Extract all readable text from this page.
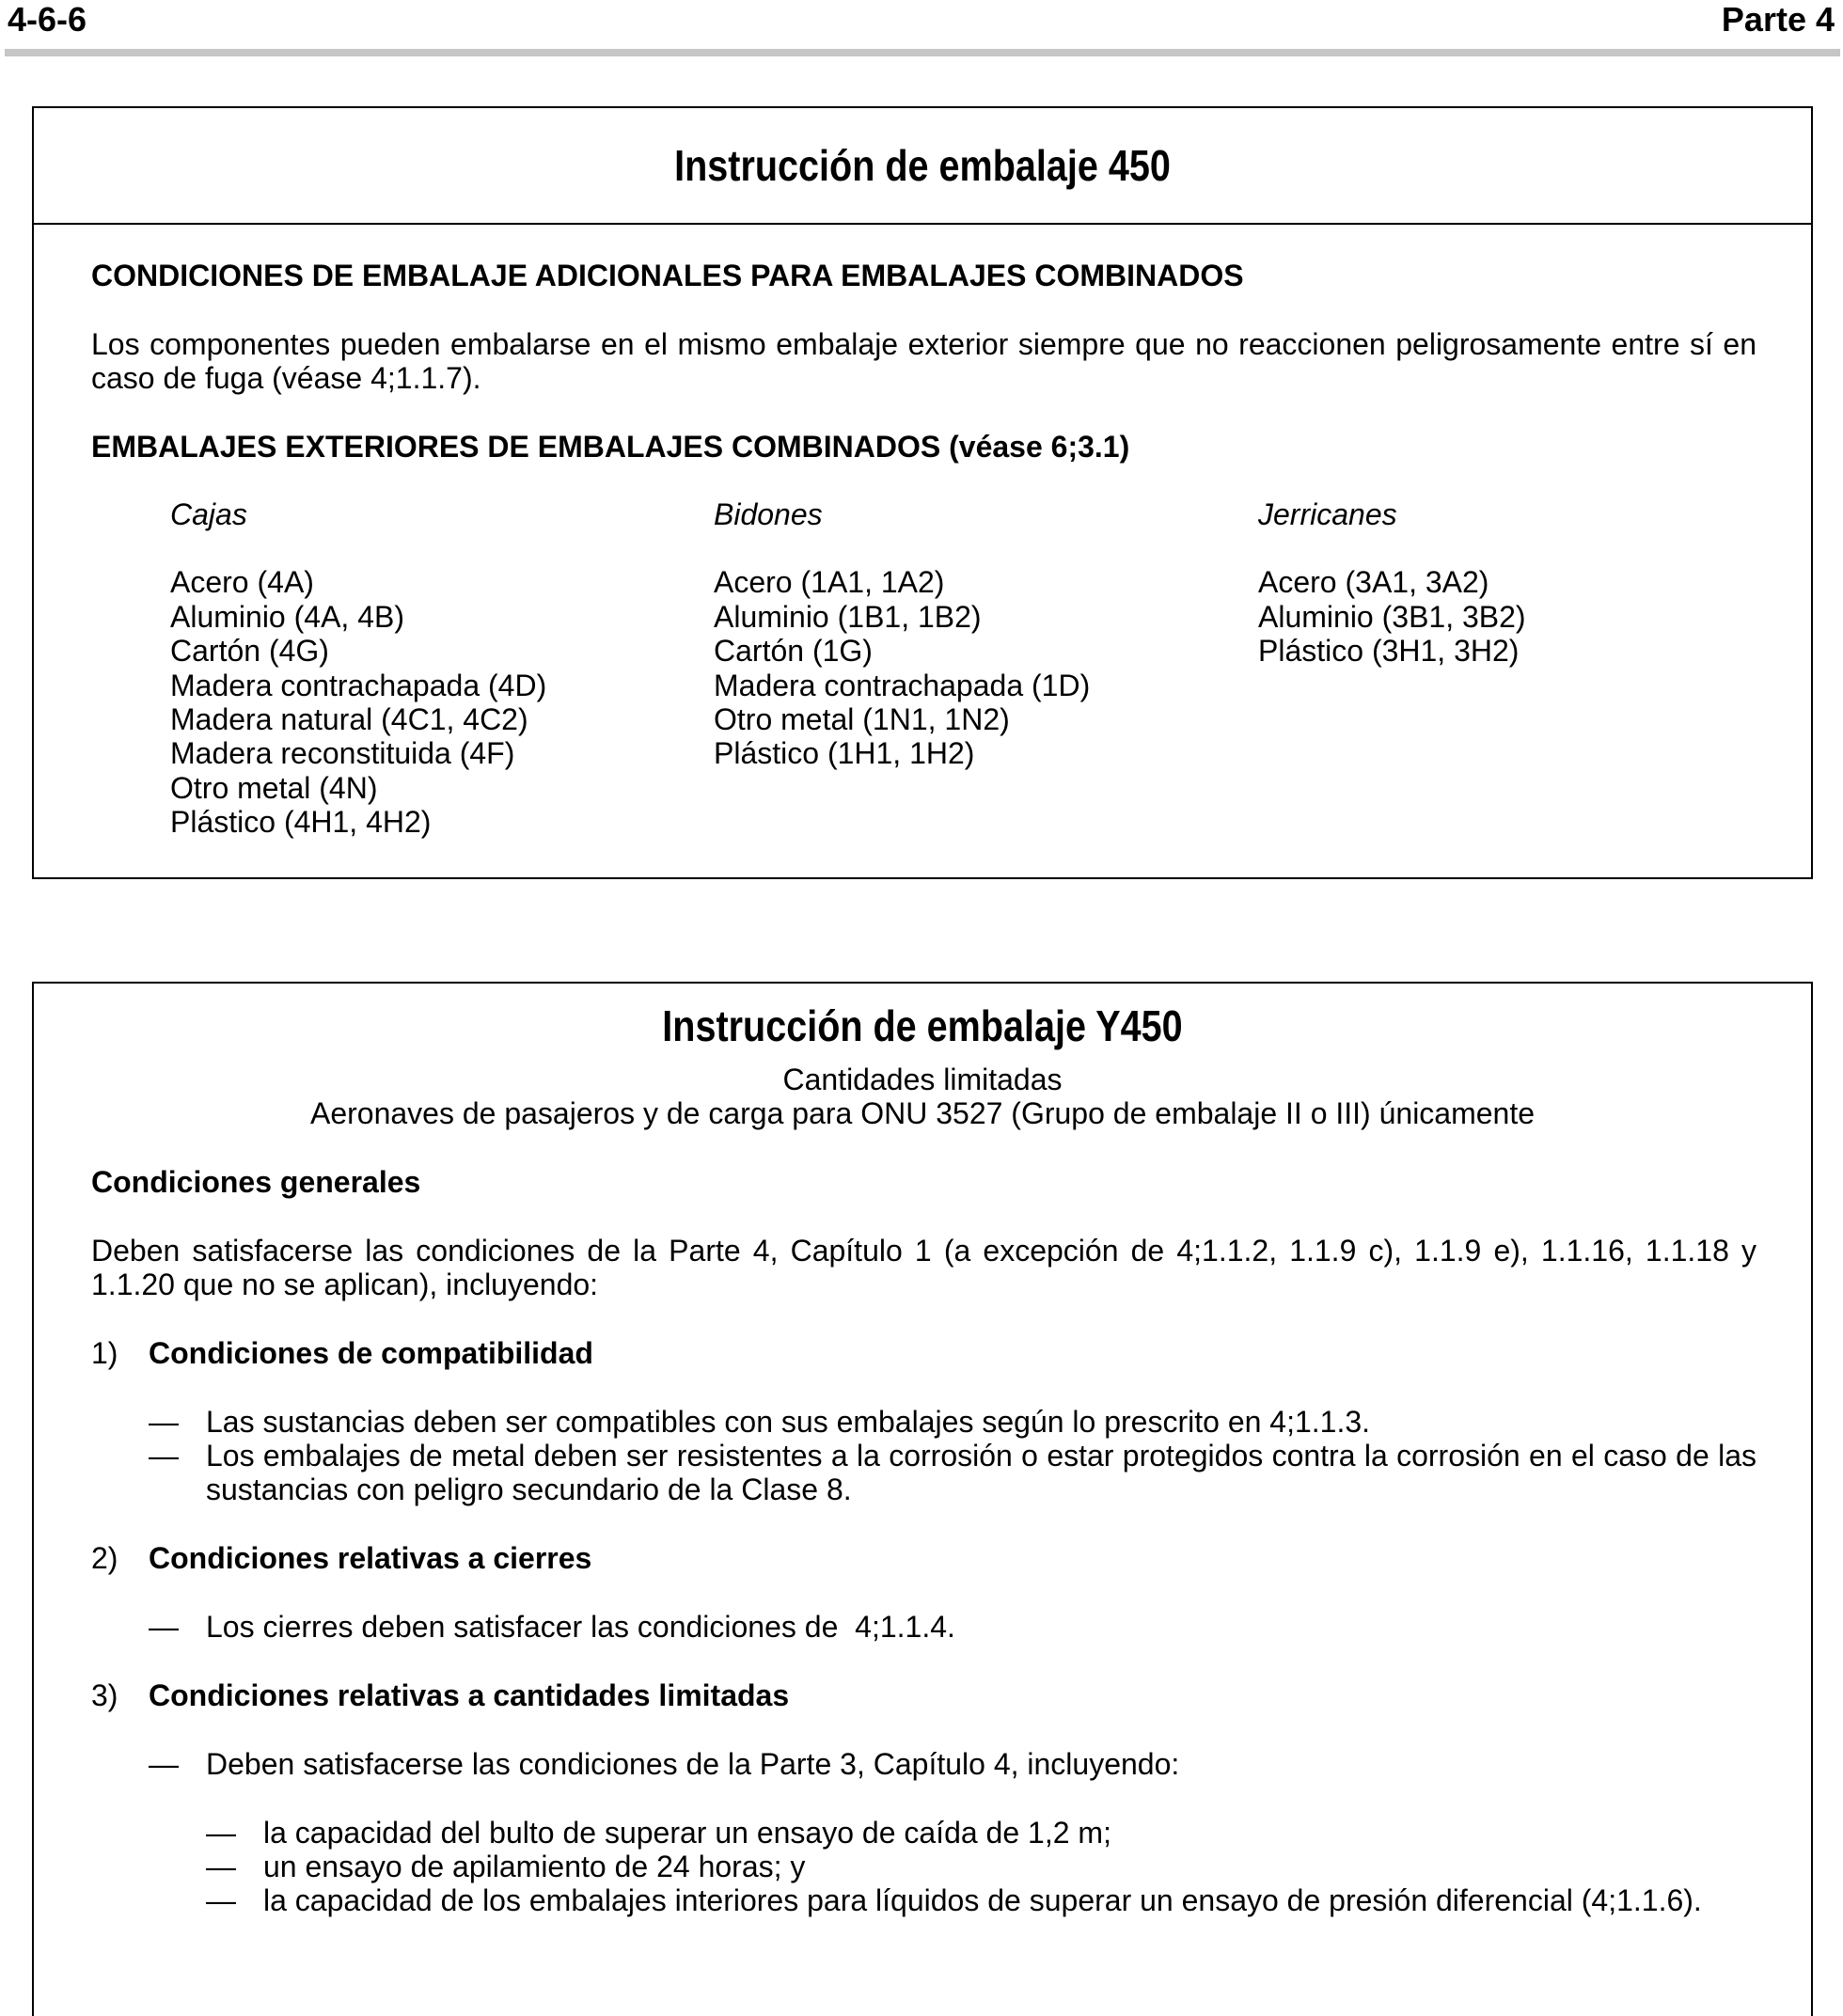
4-6-6	Parte 4
Instrucción de embalaje 450
CONDICIONES DE EMBALAJE ADICIONALES PARA EMBALAJES COMBINADOS
Los componentes pueden embalarse en el mismo embalaje exterior siempre que no reaccionen peligrosamente entre sí en caso de fuga (véase 4;1.1.7).
EMBALAJES EXTERIORES DE EMBALAJES COMBINADOS (véase 6;3.1)
Cajas
Acero (4A)
Aluminio (4A, 4B)
Cartón (4G)
Madera contrachapada (4D)
Madera natural (4C1, 4C2)
Madera reconstituida (4F)
Otro metal (4N)
Plástico (4H1, 4H2)
Bidones
Acero (1A1, 1A2)
Aluminio (1B1, 1B2)
Cartón (1G)
Madera contrachapada (1D)
Otro metal (1N1, 1N2)
Plástico (1H1, 1H2)
Jerricanes
Acero (3A1, 3A2)
Aluminio (3B1, 3B2)
Plástico (3H1, 3H2)
Instrucción de embalaje Y450
Cantidades limitadas
Aeronaves de pasajeros y de carga para ONU 3527 (Grupo de embalaje II o III) únicamente
Condiciones generales
Deben satisfacerse las condiciones de la Parte 4, Capítulo 1 (a excepción de 4;1.1.2, 1.1.9 c), 1.1.9 e), 1.1.16, 1.1.18 y 1.1.20 que no se aplican), incluyendo:
1) Condiciones de compatibilidad
— Las sustancias deben ser compatibles con sus embalajes según lo prescrito en 4;1.1.3.
— Los embalajes de metal deben ser resistentes a la corrosión o estar protegidos contra la corrosión en el caso de las sustancias con peligro secundario de la Clase 8.
2) Condiciones relativas a cierres
— Los cierres deben satisfacer las condiciones de  4;1.1.4.
3) Condiciones relativas a cantidades limitadas
— Deben satisfacerse las condiciones de la Parte 3, Capítulo 4, incluyendo:
— la capacidad del bulto de superar un ensayo de caída de 1,2 m;
— un ensayo de apilamiento de 24 horas; y
— la capacidad de los embalajes interiores para líquidos de superar un ensayo de presión diferencial (4;1.1.6).
